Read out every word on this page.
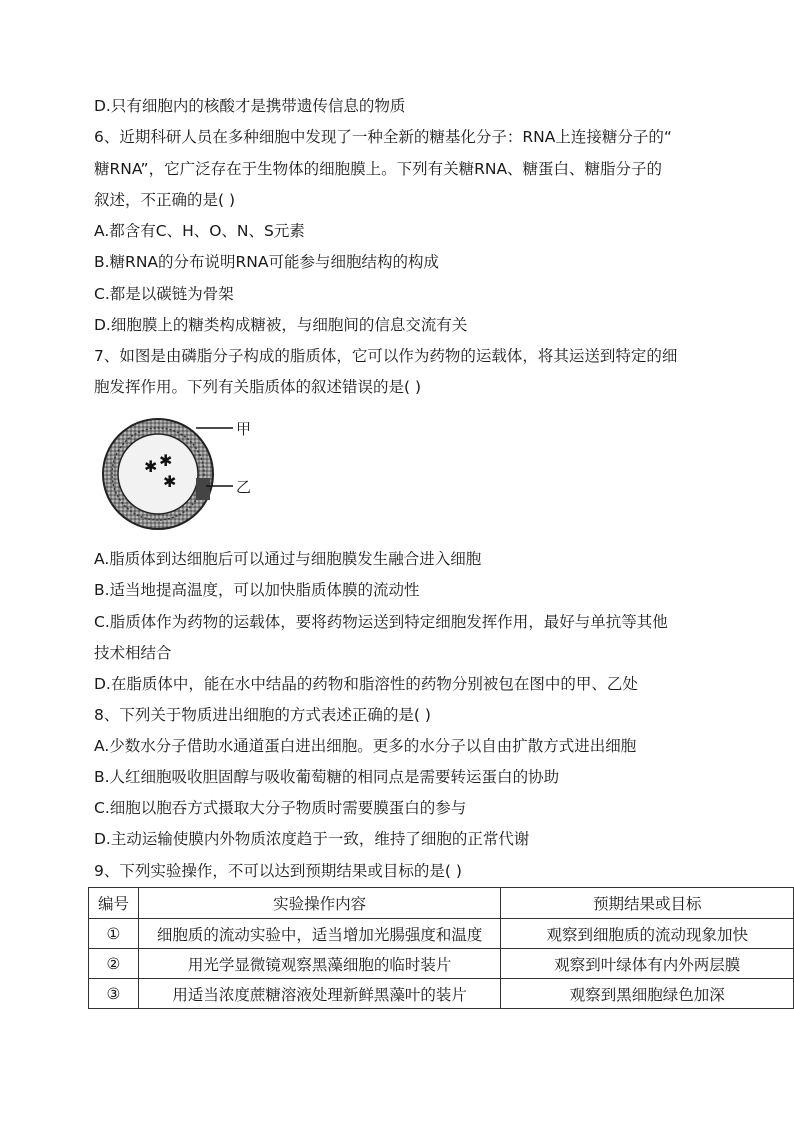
D.只有细胞内的核酸才是携带遗传信息的物质
6、近期科研人员在多种细胞中发现了一种全新的糖基化分子：RNA上连接糖分子的“
糖RNA”，它广泛存在于生物体的细胞膜上。下列有关糖RNA、糖蛋白、糖脂分子的
叙述，不正确的是( )
A.都含有C、H、O、N、S元素
B.糖RNA的分布说明RNA可能参与细胞结构的构成
C.都是以碳链为骨架
D.细胞膜上的糖类构成糖被，与细胞间的信息交流有关
7、如图是由磷脂分子构成的脂质体，它可以作为药物的运载体，将其运送到特定的细
胞发挥作用。下列有关脂质体的叙述错误的是( )
✱ ✱
✱
甲
乙
A.脂质体到达细胞后可以通过与细胞膜发生融合进入细胞
B.适当地提高温度，可以加快脂质体膜的流动性
C.脂质体作为药物的运载体，要将药物运送到特定细胞发挥作用，最好与单抗等其他
技术相结合
D.在脂质体中，能在水中结晶的药物和脂溶性的药物分别被包在图中的甲、乙处
8、下列关于物质进出细胞的方式表述正确的是( )
A.少数水分子借助水通道蛋白进出细胞。更多的水分子以自由扩散方式进出细胞
B.人红细胞吸收胆固醇与吸收葡萄糖的相同点是需要转运蛋白的协助
C.细胞以胞吞方式摄取大分子物质时需要膜蛋白的参与
D.主动运输使膜内外物质浓度趋于一致，维持了细胞的正常代谢
9、下列实验操作，不可以达到预期结果或目标的是( )
编号	实验操作内容	预期结果或目标
①	细胞质的流动实验中，适当增加光腸强度和温度	观察到细胞质的流动现象加快
②	用光学显微镜观察黑藻细胞的临时装片	观察到叶绿体有内外两层膜
③	用适当浓度蔗糖溶液处理新鲜黑藻叶的装片	观察到黑细胞绿色加深
